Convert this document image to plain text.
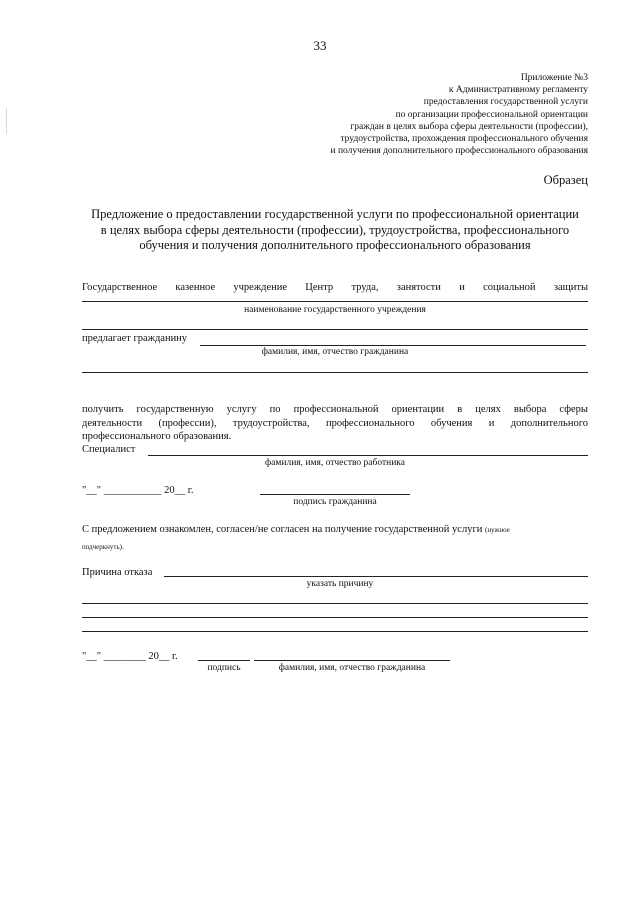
33
Приложение №3
к Административному регламенту
предоставления государственной услуги
по организации профессиональной ориентации
граждан в целях выбора сферы деятельности (профессии),
трудоустройства, прохождения профессионального обучения
и получения дополнительного профессионального образования
Образец
Предложение о предоставлении государственной услуги по профессиональной ориентации
в целях выбора сферы деятельности (профессии), трудоустройства, профессионального
обучения и получения дополнительного профессионального образования
Государственное казенное учреждение Центр труда, занятости и социальной защиты
наименование государственного учреждения
предлагает гражданину
фамилия, имя, отчество гражданина
получить государственную услугу по профессиональной ориентации в целях выбора сферы
деятельности (профессии), трудоустройства, профессионального обучения и дополнительного
профессионального образования.
Специалист
фамилия, имя, отчество работника
"__" ___________ 20__ г.
подпись гражданина
С предложением ознакомлен, согласен/не согласен на получение государственной услуги (нужное
подчеркнуть).
Причина отказа
указать причину
"__" ________ 20__ г.
подпись	фамилия, имя, отчество гражданина
